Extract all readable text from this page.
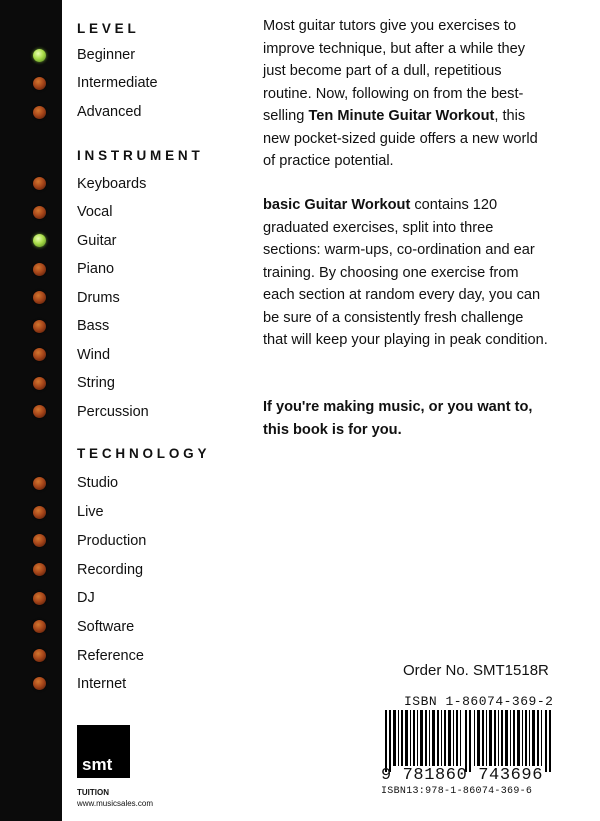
LEVEL
Beginner
Intermediate
Advanced
INSTRUMENT
Keyboards
Vocal
Guitar
Piano
Drums
Bass
Wind
String
Percussion
TECHNOLOGY
Studio
Live
Production
Recording
DJ
Software
Reference
Internet
Most guitar tutors give you exercises to improve technique, but after a while they just become part of a dull, repetitious routine. Now, following on from the best-selling Ten Minute Guitar Workout, this new pocket-sized guide offers a new world of practice potential.
basic Guitar Workout contains 120 graduated exercises, split into three sections: warm-ups, co-ordination and ear training. By choosing one exercise from each section at random every day, you can be sure of a consistently fresh challenge that will keep your playing in peak condition.
If you're making music, or you want to, this book is for you.
Order No. SMT1518R
ISBN 1-86074-369-2
9 781860 743696
ISBN13:978-1-86074-369-6
smt
TUITION
www.musicsales.com
